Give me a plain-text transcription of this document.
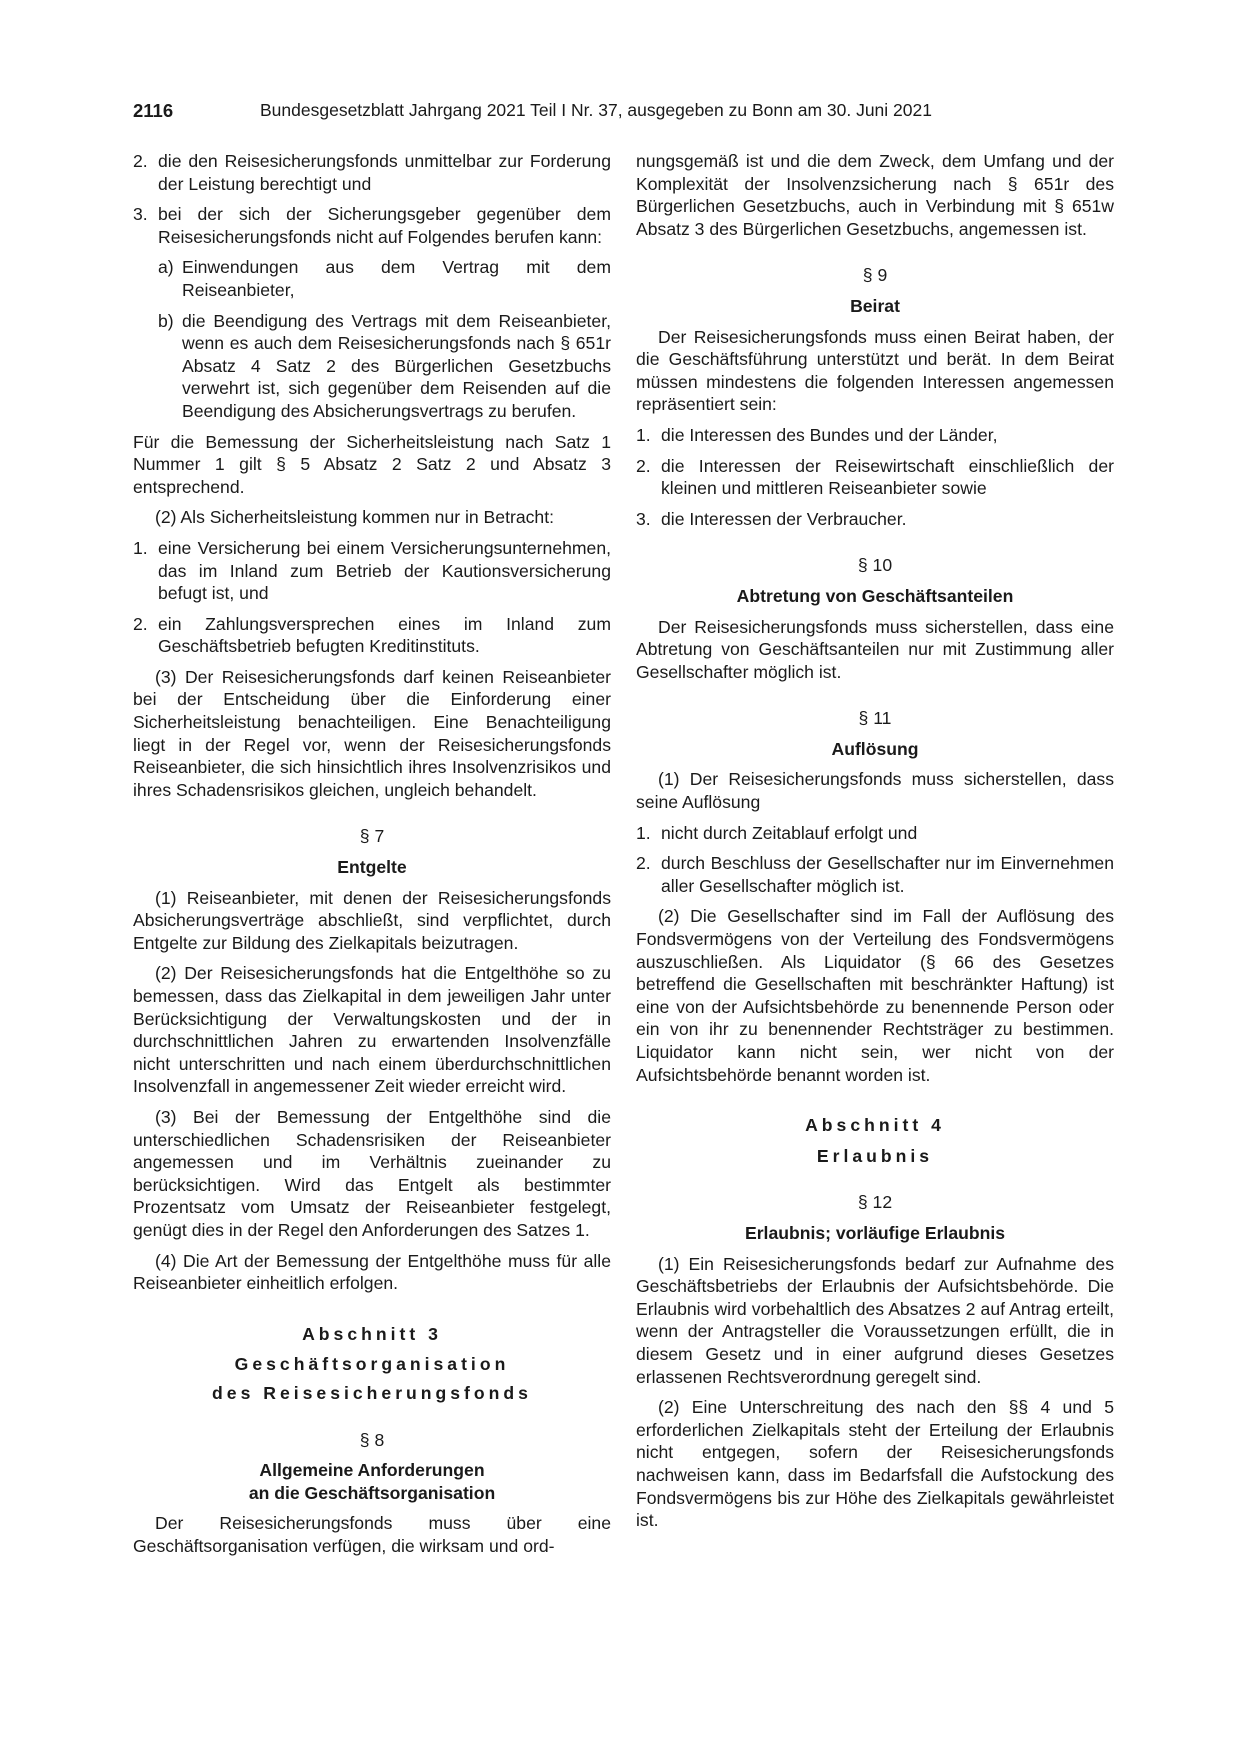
2116	Bundesgesetzblatt Jahrgang 2021 Teil I Nr. 37, ausgegeben zu Bonn am 30. Juni 2021
2. die den Reisesicherungsfonds unmittelbar zur Forderung der Leistung berechtigt und
3. bei der sich der Sicherungsgeber gegenüber dem Reisesicherungsfonds nicht auf Folgendes berufen kann:
a) Einwendungen aus dem Vertrag mit dem Reiseanbieter,
b) die Beendigung des Vertrags mit dem Reiseanbieter, wenn es auch dem Reisesicherungsfonds nach § 651r Absatz 4 Satz 2 des Bürgerlichen Gesetzbuchs verwehrt ist, sich gegenüber dem Reisenden auf die Beendigung des Absicherungsvertrags zu berufen.

Für die Bemessung der Sicherheitsleistung nach Satz 1 Nummer 1 gilt § 5 Absatz 2 Satz 2 und Absatz 3 entsprechend.

(2) Als Sicherheitsleistung kommen nur in Betracht:

1. eine Versicherung bei einem Versicherungsunternehmen, das im Inland zum Betrieb der Kautionsversicherung befugt ist, und
2. ein Zahlungsversprechen eines im Inland zum Geschäftsbetrieb befugten Kreditinstituts.

(3) Der Reisesicherungsfonds darf keinen Reiseanbieter bei der Entscheidung über die Einforderung einer Sicherheitsleistung benachteiligen. Eine Benachteiligung liegt in der Regel vor, wenn der Reisesicherungsfonds Reiseanbieter, die sich hinsichtlich ihres Insolvenzrisikos und ihres Schadensrisikos gleichen, ungleich behandelt.

§ 7
Entgelte

(1) Reiseanbieter, mit denen der Reisesicherungsfonds Absicherungsverträge abschließt, sind verpflichtet, durch Entgelte zur Bildung des Zielkapitals beizutragen.

(2) Der Reisesicherungsfonds hat die Entgelthöhe so zu bemessen, dass das Zielkapital in dem jeweiligen Jahr unter Berücksichtigung der Verwaltungskosten und der in durchschnittlichen Jahren zu erwartenden Insolvenzfälle nicht unterschritten und nach einem überdurchschnittlichen Insolvenzfall in angemessener Zeit wieder erreicht wird.

(3) Bei der Bemessung der Entgelthöhe sind die unterschiedlichen Schadensrisiken der Reiseanbieter angemessen und im Verhältnis zueinander zu berücksichtigen. Wird das Entgelt als bestimmter Prozentsatz vom Umsatz der Reiseanbieter festgelegt, genügt dies in der Regel den Anforderungen des Satzes 1.

(4) Die Art der Bemessung der Entgelthöhe muss für alle Reiseanbieter einheitlich erfolgen.

Abschnitt 3
Geschäftsorganisation
des Reisesicherungsfonds
§ 8
Allgemeine Anforderungen
an die Geschäftsorganisation

Der Reisesicherungsfonds muss über eine Geschäftsorganisation verfügen, die wirksam und ord-

nungsgemäß ist und die dem Zweck, dem Umfang und der Komplexität der Insolvenzsicherung nach § 651r des Bürgerlichen Gesetzbuchs, auch in Verbindung mit § 651w Absatz 3 des Bürgerlichen Gesetzbuchs, angemessen ist.

§ 9
Beirat

Der Reisesicherungsfonds muss einen Beirat haben, der die Geschäftsführung unterstützt und berät. In dem Beirat müssen mindestens die folgenden Interessen angemessen repräsentiert sein:

1. die Interessen des Bundes und der Länder,
2. die Interessen der Reisewirtschaft einschließlich der kleinen und mittleren Reiseanbieter sowie
3. die Interessen der Verbraucher.
§ 10
Abtretung von Geschäftsanteilen

Der Reisesicherungsfonds muss sicherstellen, dass eine Abtretung von Geschäftsanteilen nur mit Zustimmung aller Gesellschafter möglich ist.

§ 11
Auflösung

(1) Der Reisesicherungsfonds muss sicherstellen, dass seine Auflösung

1. nicht durch Zeitablauf erfolgt und
2. durch Beschluss der Gesellschafter nur im Einvernehmen aller Gesellschafter möglich ist.

(2) Die Gesellschafter sind im Fall der Auflösung des Fondsvermögens von der Verteilung des Fondsvermögens auszuschließen. Als Liquidator (§ 66 des Gesetzes betreffend die Gesellschaften mit beschränkter Haftung) ist eine von der Aufsichtsbehörde zu benennende Person oder ein von ihr zu benennender Rechtsträger zu bestimmen. Liquidator kann nicht sein, wer nicht von der Aufsichtsbehörde benannt worden ist.

Abschnitt 4
Erlaubnis
§ 12
Erlaubnis; vorläufige Erlaubnis

(1) Ein Reisesicherungsfonds bedarf zur Aufnahme des Geschäftsbetriebs der Erlaubnis der Aufsichtsbehörde. Die Erlaubnis wird vorbehaltlich des Absatzes 2 auf Antrag erteilt, wenn der Antragsteller die Voraussetzungen erfüllt, die in diesem Gesetz und in einer aufgrund dieses Gesetzes erlassenen Rechtsverordnung geregelt sind.

(2) Eine Unterschreitung des nach den §§ 4 und 5 erforderlichen Zielkapitals steht der Erteilung der Erlaubnis nicht entgegen, sofern der Reisesicherungsfonds nachweisen kann, dass im Bedarfsfall die Aufstockung des Fondsvermögens bis zur Höhe des Zielkapitals gewährleistet ist.
